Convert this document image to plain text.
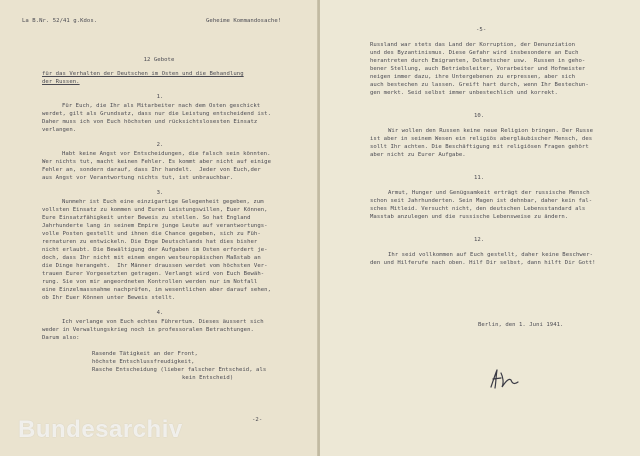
La B.Nr. 52/41 g.Kdos.	Geheime Kommandosache!
12 Gebote
für das Verhalten der Deutschen im Osten und die Behandlung
der Russen.
1.
Für Euch, die Ihr als Mitarbeiter nach dem Osten geschickt
werdet, gilt als Grundsatz, dass nur die Leistung entscheidend ist.
Daher muss ich von Euch höchsten und rücksichtslosesten Einsatz
verlangen.
2.
Habt keine Angst vor Entscheidungen, die falsch sein könnten.
Wer nichts tut, macht keinen Fehler. Es kommt aber nicht auf einige
Fehler an, sondern darauf, dass Ihr handelt.  Jeder von Euch,der
aus Angst vor Verantwortung nichts tut, ist unbrauchbar.
3.
Nunmehr ist Euch eine einzigartige Gelegenheit gegeben, zum
vollsten Einsatz zu kommen und Euren Leistungswillen, Euer Können,
Eure Einsatzfähigkeit unter Beweis zu stellen. So hat England
Jahrhunderte lang in seinem Empire junge Leute auf verantwortungs-
volle Posten gestellt und ihnen die Chance gegeben, sich zu Füh-
rernaturen zu entwickeln. Die Enge Deutschlands hat dies bisher
nicht erlaubt. Die Bewältigung der Aufgaben im Osten erfordert je-
doch, dass Ihr nicht mit einem engen westeuropäischen Maßstab an
die Dinge herangeht.  Ihr Männer draussen werdet vom höchsten Ver-
trauen Eurer Vorgesetzten getragen. Verlangt wird von Euch Bewäh-
rung. Sie von mir angeordneten Kontrollen werden nur im Notfall
eine Einzelmassnahme nachprüfen, im wesentlichen aber darauf sehen,
ob Ihr Euer Können unter Beweis stellt.
4.
Ich verlange von Euch echtes Führertum. Dieses äussert sich
weder in Verwaltungskrieg noch in professoralen Betrachtungen.
Darum also:
Rasende Tätigkeit an der Front,
höchste Entschlussfreudigkeit,
Rasche Entscheidung (lieber falscher Entscheid, als
kein Entscheid)
-2-
-5-
Russland war stets das Land der Korruption, der Denunziation
und des Byzantinismus. Diese Gefahr wird insbesondere an Euch
herantreten durch Emigranten, Dolmetscher usw.  Russen in geho-
bener Stellung, auch Betriebsleiter, Vorarbeiter und Hofmeister
neigen immer dazu, ihre Untergebenen zu erpressen, aber sich
auch bestechen zu lassen. Greift hart durch, wenn Ihr Bestechun-
gen merkt. Seid selbst immer unbestechlich und korrekt.
10.
Wir wollen den Russen keine neue Religion bringen. Der Russe
ist aber in seinem Wesen ein religiös abergläubischer Mensch, des
sollt Ihr achten. Die Beschäftigung mit religiösen Fragen gehört
aber nicht zu Eurer Aufgabe.
11.
Armut, Hunger und Genügsamkeit erträgt der russische Mensch
schon seit Jahrhunderten. Sein Magen ist dehnbar, daher kein fal-
sches Mitleid. Versucht nicht, den deutschen Lebensstandard als
Masstab anzulegen und die russische Lebensweise zu ändern.
12.
Ihr seid vollkommen auf Euch gestellt, daher keine Beschwer-
den und Hilferufe nach oben. Hilf Dir selbst, dann hilft Dir Gott!
Berlin, den 1. Juni 1941.
Bundesarchiv
